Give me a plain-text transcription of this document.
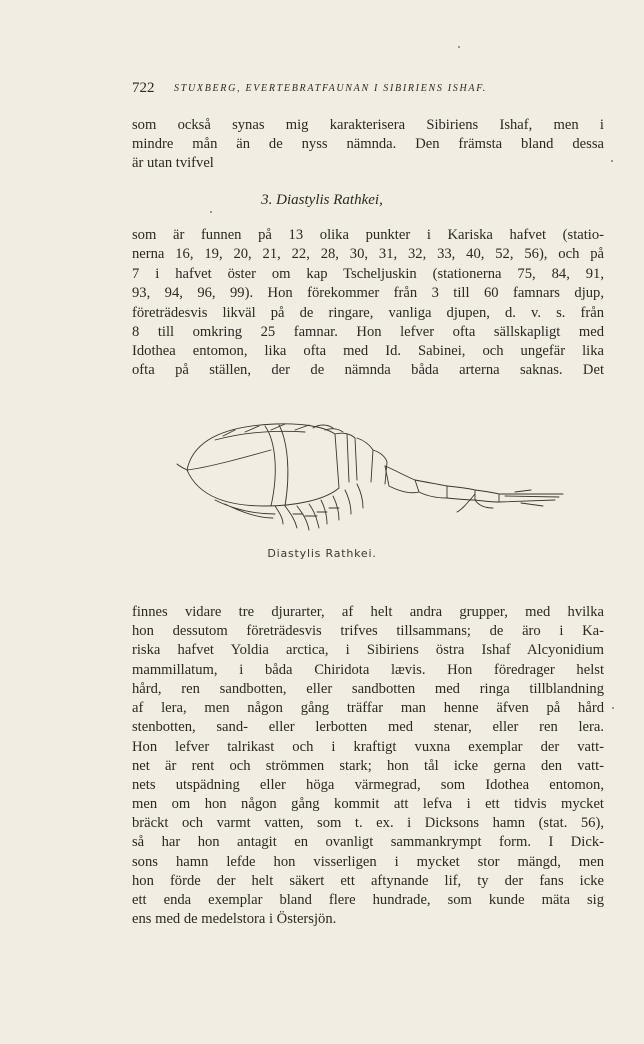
722 STUXBERG, EVERTEBRATFAUNAN I SIBIRIENS ISHAF.

som också synas mig karakterisera Sibiriens Ishaf, men i

mindre mån än de nyss nämnda. Den främsta bland dessa

är utan tvifvel

3. Diastylis Rathkei,

som är funnen på 13 olika punkter i Kariska hafvet (statio-

nerna 16, 19, 20, 21, 22, 28, 30, 31, 32, 33, 40, 52, 56), och på

7 i hafvet öster om kap Tscheljuskin (stationerna 75, 84, 91,

93, 94, 96, 99). Hon förekommer från 3 till 60 famnars djup,

företrädesvis likväl på de ringare, vanliga djupen, d. v. s. från

8 till omkring 25 famnar. Hon lefver ofta sällskapligt med

Idothea entomon, lika ofta med Id. Sabinei, och ungefär lika

ofta på ställen, der de nämnda båda arterna saknas. Det

Diastylis Rathkei.

finnes vidare tre djurarter, af helt andra grupper, med hvilka

hon dessutom företrädesvis trifves tillsammans; de äro i Ka-

riska hafvet Yoldia arctica, i Sibiriens östra Ishaf Alcyonidium

mammillatum, i båda Chiridota lævis. Hon föredrager helst

hård, ren sandbotten, eller sandbotten med ringa tillblandning

af lera, men någon gång träffar man henne äfven på hård

stenbotten, sand- eller lerbotten med stenar, eller ren lera.

Hon lefver talrikast och i kraftigt vuxna exemplar der vatt-

net är rent och strömmen stark; hon tål icke gerna den vatt-

nets utspädning eller höga värmegrad, som Idothea entomon,

men om hon någon gång kommit att lefva i ett tidvis mycket

bräckt och varmt vatten, som t. ex. i Dicksons hamn (stat. 56),

så har hon antagit en ovanligt sammankrympt form. I Dick-

sons hamn lefde hon visserligen i mycket stor mängd, men

hon förde der helt säkert ett aftynande lif, ty der fans icke

ett enda exemplar bland flere hundrade, som kunde mäta sig

ens med de medelstora i Östersjön.
